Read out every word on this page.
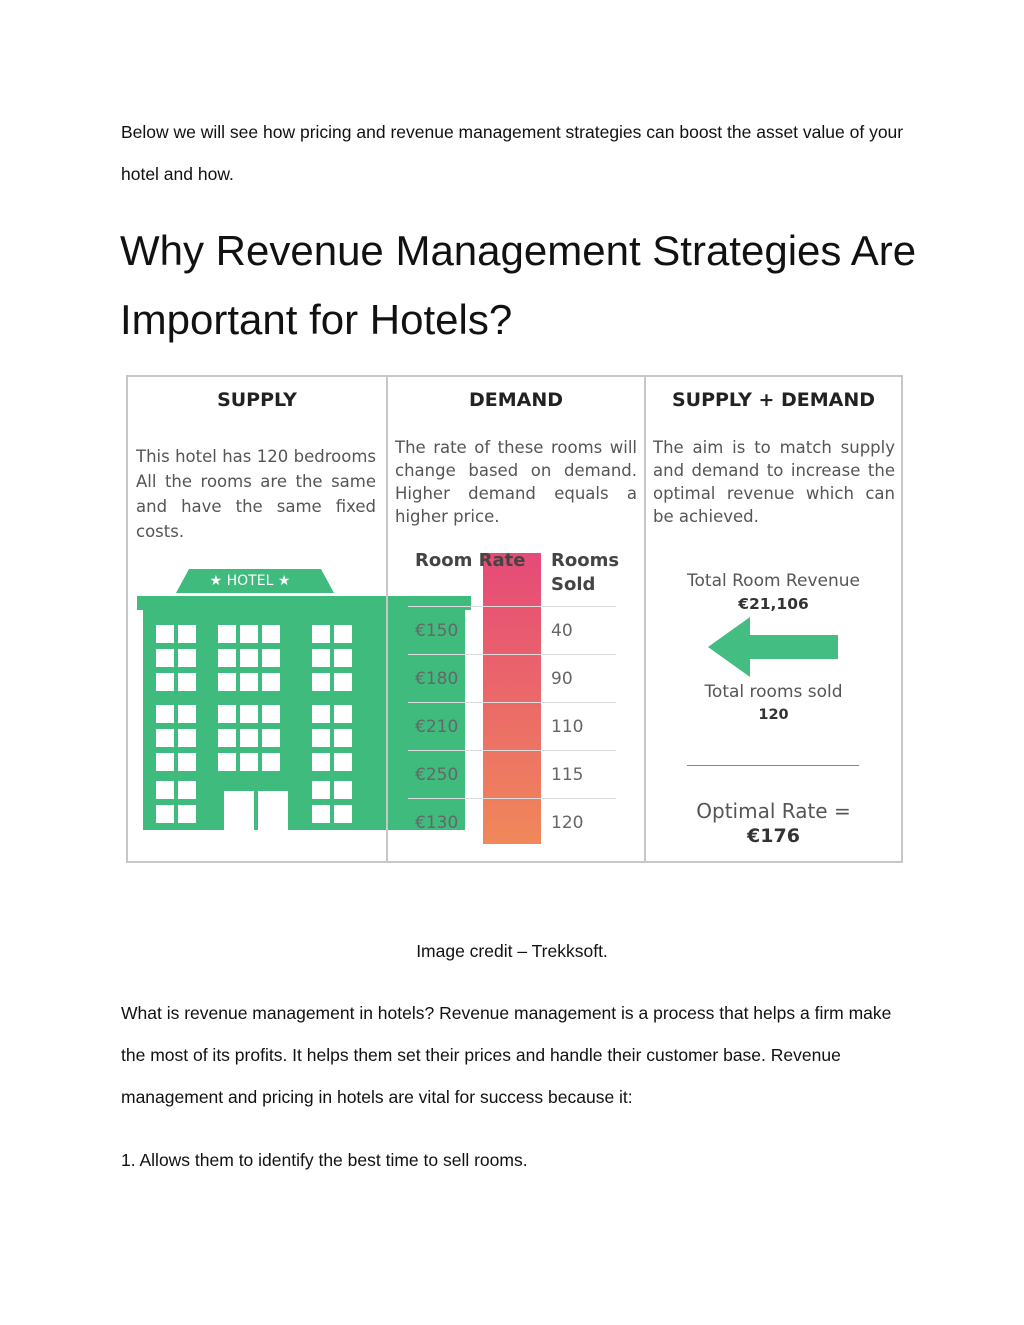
Below we will see how pricing and revenue management strategies can boost the asset value of your hotel and how.

Why Revenue Management Strategies Are Important for Hotels?
SUPPLY
This hotel has 120 bedrooms All the rooms are the same and have the same fixed costs.
★ HOTEL ★
DEMAND
The rate of these rooms will change based on demand. Higher demand equals a higher price.
Room Rate Rooms Sold
€150	40
€180	90
€210	110
€250	115
€130	120
SUPPLY + DEMAND
The aim is to match supply and demand to increase the optimal revenue which can be achieved.
Total Room Revenue
€21,106
Total rooms sold
120
Optimal Rate =
€176

Image credit – Trekksoft.

What is revenue management in hotels? Revenue management is a process that helps a firm make the most of its profits. It helps them set their prices and handle their customer base. Revenue management and pricing in hotels are vital for success because it:

1. Allows them to identify the best time to sell rooms.
